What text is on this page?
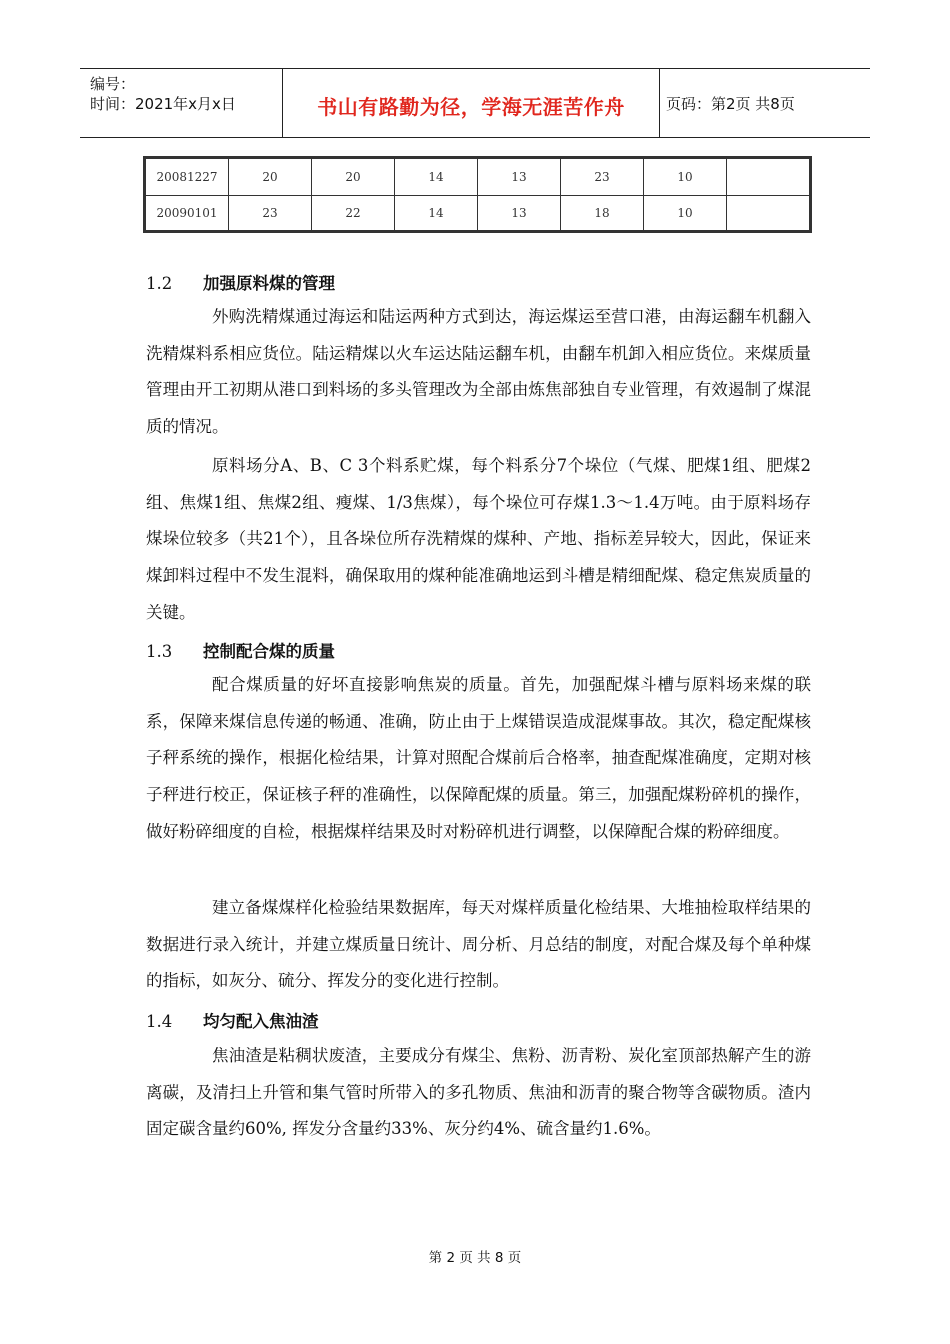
编号：
时间：2021年x月x日	书山有路勤为径，学海无涯苦作舟	页码：第2页 共8页
20081227	20	20	14	13	23	10	
20090101	23	22	14	13	18	10	
1.2 加强原料煤的管理

外购洗精煤通过海运和陆运两种方式到达，海运煤运至营口港，由海运翻车机翻入洗精煤料系相应货位。陆运精煤以火车运达陆运翻车机，由翻车机卸入相应货位。来煤质量管理由开工初期从港口到料场的多头管理改为全部由炼焦部独自专业管理，有效遏制了煤混质的情况。

原料场分A、B、C 3个料系贮煤，每个料系分7个垛位（气煤、肥煤1组、肥煤2组、焦煤1组、焦煤2组、瘦煤、1/3焦煤），每个垛位可存煤1.3～1.4万吨。由于原料场存煤垛位较多（共21个），且各垛位所存洗精煤的煤种、产地、指标差异较大，因此，保证来煤卸料过程中不发生混料，确保取用的煤种能准确地运到斗槽是精细配煤、稳定焦炭质量的关键。

1.3 控制配合煤的质量

配合煤质量的好坏直接影响焦炭的质量。首先，加强配煤斗槽与原料场来煤的联系，保障来煤信息传递的畅通、准确，防止由于上煤错误造成混煤事故。其次，稳定配煤核子秤系统的操作，根据化检结果，计算对照配合煤前后合格率，抽查配煤准确度，定期对核子秤进行校正，保证核子秤的准确性，以保障配煤的质量。第三，加强配煤粉碎机的操作，做好粉碎细度的自检，根据煤样结果及时对粉碎机进行调整，以保障配合煤的粉碎细度。

建立备煤煤样化检验结果数据库，每天对煤样质量化检结果、大堆抽检取样结果的数据进行录入统计，并建立煤质量日统计、周分析、月总结的制度，对配合煤及每个单种煤的指标，如灰分、硫分、挥发分的变化进行控制。

1.4 均匀配入焦油渣

焦油渣是粘稠状废渣，主要成分有煤尘、焦粉、沥青粉、炭化室顶部热解产生的游离碳，及清扫上升管和集气管时所带入的多孔物质、焦油和沥青的聚合物等含碳物质。渣内固定碳含量约60%, 挥发分含量约33%、灰分约4%、硫含量约1.6%。

第 2 页 共 8 页
